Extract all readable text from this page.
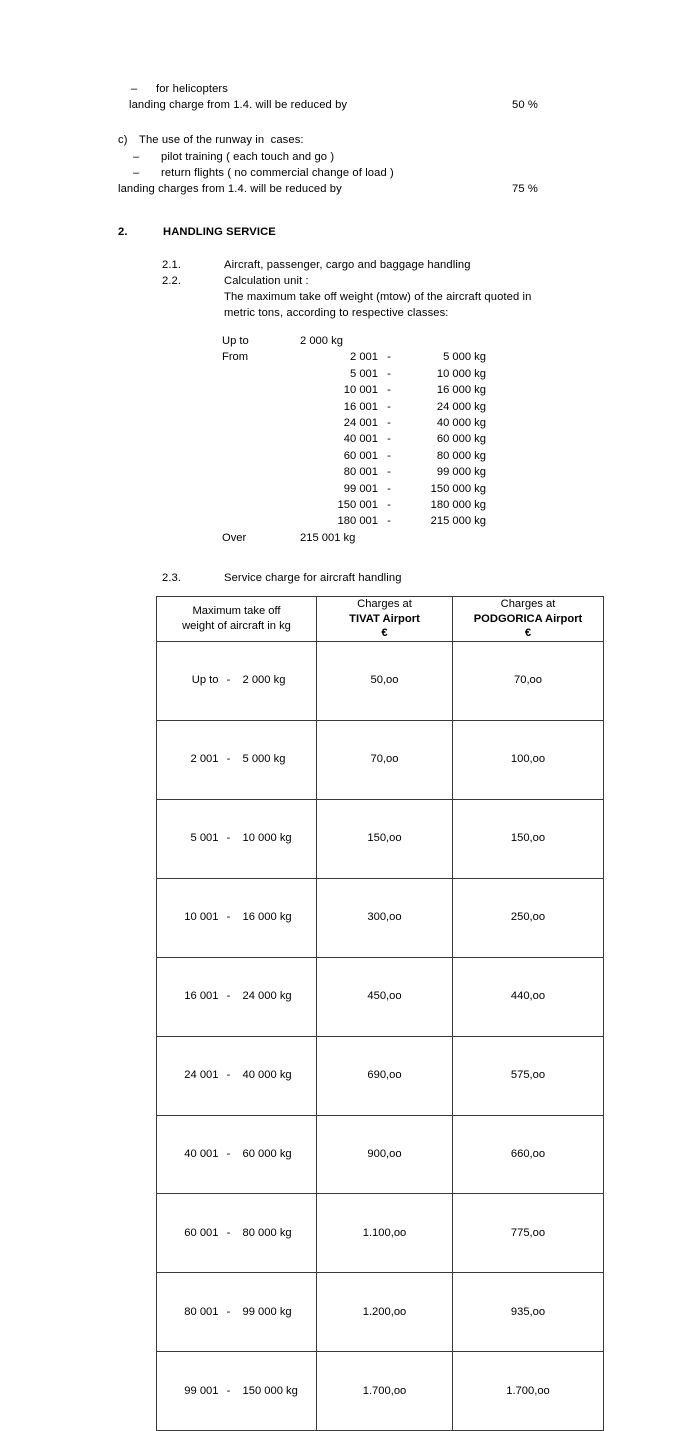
– for helicopters
landing charge from 1.4. will be reduced by	50 %
c) The use of the runway in  cases:
– pilot training ( each touch and go )
– return flights ( no commercial change of load )
landing charges from 1.4. will be reduced by	75 %
2.	HANDLING SERVICE
2.1.	Aircraft, passenger, cargo and baggage handling
2.2.	Calculation unit :
The maximum take off weight (mtow) of the aircraft quoted in
metric tons, according to respective classes:
Up to	2 000 kg
From	2 001 -	5 000 kg
5 001 -	10 000 kg
10 001 -	16 000 kg
16 001 -	24 000 kg
24 001 -	40 000 kg
40 001 -	60 000 kg
60 001 -	80 000 kg
80 001 -	99 000 kg
99 001 -	150 000 kg
150 001 -	180 000 kg
180 001 -	215 000 kg
Over	215 001 kg
2.3.	Service charge for aircraft handling
Maximum take off
weight of aircraft in kg

Charges at
TIVAT Airport
€

Charges at
PODGORICA Airport
€

Up to - 2 000 kg	50,oo	70,oo

2 001 - 5 000 kg	70,oo	100,oo

5 001 - 10 000 kg	150,oo	150,oo

10 001 - 16 000 kg	300,oo	250,oo

16 001 - 24 000 kg	450,oo	440,oo

24 001 - 40 000 kg	690,oo	575,oo

40 001 - 60 000 kg	900,oo	660,oo

60 001 - 80 000 kg	1.100,oo	775,oo

80 001 - 99 000 kg	1.200,oo	935,oo

99 001 - 150 000 kg	1.700,oo	1.700,oo
